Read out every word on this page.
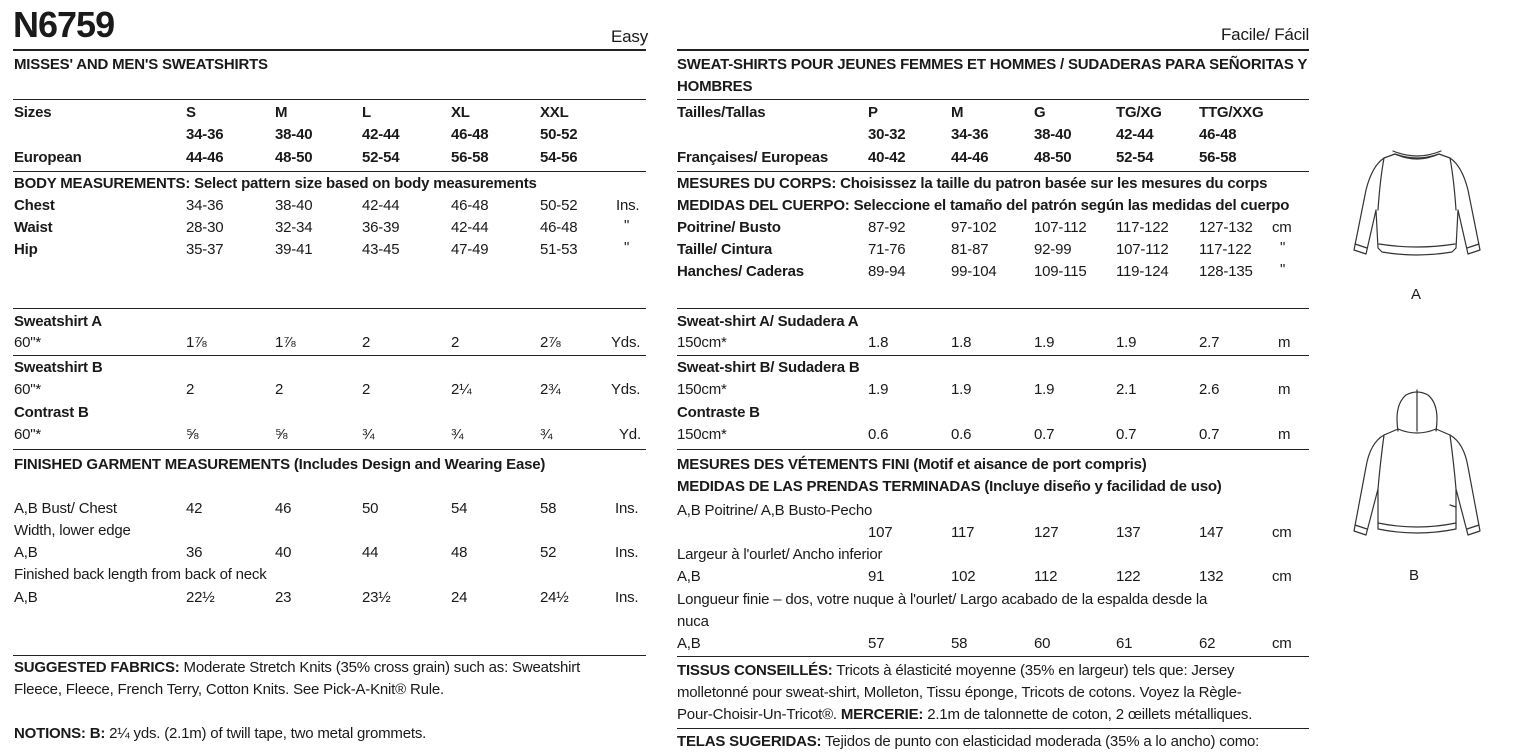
N6759	Easy	Facile/ Fácil
MISSES' AND MEN'S SWEATSHIRTS
Sizes	S	M	L	XL	XXL
34-36	38-40	42-44	46-48	50-52
European	44-46	48-50	52-54	56-58	54-56
BODY MEASUREMENTS: Select pattern size based on body measurements
Chest	34-36	38-40	42-44	46-48	50-52	Ins.
Waist	28-30	32-34	36-39	42-44	46-48	"
Hip	35-37	39-41	43-45	47-49	51-53	"
Sweatshirt A
60"*	1⅞	1⅞	2	2	2⅞	Yds.
Sweatshirt B
60"*	2	2	2	2¼	2¾	Yds.
Contrast B
60"*	⅝	⅝	¾	¾	¾	Yd.
FINISHED GARMENT MEASUREMENTS (Includes Design and Wearing Ease)
A,B Bust/ Chest	42	46	50	54	58	Ins.
Width, lower edge
A,B	36	40	44	48	52	Ins.
Finished back length from back of neck
A,B	22½	23	23½	24	24½	Ins.
SUGGESTED FABRICS: Moderate Stretch Knits (35% cross grain) such as: Sweatshirt
Fleece, Fleece, French Terry, Cotton Knits. See Pick-A-Knit® Rule.
NOTIONS: B: 2¼ yds. (2.1m) of twill tape, two metal grommets.
SWEAT-SHIRTS POUR JEUNES FEMMES ET HOMMES / SUDADERAS PARA SEÑORITAS Y
HOMBRES
Tailles/Tallas	P	M	G	TG/XG TTG/XXG
30-32	34-36	38-40	42-44	46-48
Françaises/ Europeas	40-42	44-46	48-50	52-54	56-58
MESURES DU CORPS: Choisissez la taille du patron basée sur les mesures du corps
MEDIDAS DEL CUERPO: Seleccione el tamaño del patrón según las medidas del cuerpo
Poitrine/ Busto	87-92	97-102 107-112 117-122 127-132 cm
Taille/ Cintura	71-76	81-87	92-99	107-112 117-122 "
Hanches/ Caderas	89-94	99-104 109-115 119-124 128-135 "
Sweat-shirt A/ Sudadera A
150cm*	1.8	1.8	1.9	1.9	2.7	m
Sweat-shirt B/ Sudadera B
150cm*	1.9	1.9	1.9	2.1	2.6	m
Contraste B
150cm*	0.6	0.6	0.7	0.7	0.7	m
MESURES DES VÉTEMENTS FINI (Motif et aisance de port compris)
MEDIDAS DE LAS PRENDAS TERMINADAS (Incluye diseño y facilidad de uso)
A,B Poitrine/ A,B Busto-Pecho
107	117	127	137	147	cm
Largeur à l'ourlet/ Ancho inferior
A,B	91	102	112	122	132	cm
Longueur finie – dos, votre nuque à l'ourlet/ Largo acabado de la espalda desde la
nuca
A,B	57	58	60	61	62	cm
TISSUS CONSEILLÉS: Tricots à élasticité moyenne (35% en largeur) tels que: Jersey
molletonné pour sweat-shirt, Molleton, Tissu éponge, Tricots de cotons. Voyez la Règle-
Pour-Choisir-Un-Tricot®. MERCERIE: 2.1m de talonnette de coton, 2 œillets métalliques.
TELAS SUGERIDAS: Tejidos de punto con elasticidad moderada (35% a lo ancho) como:
A
B
